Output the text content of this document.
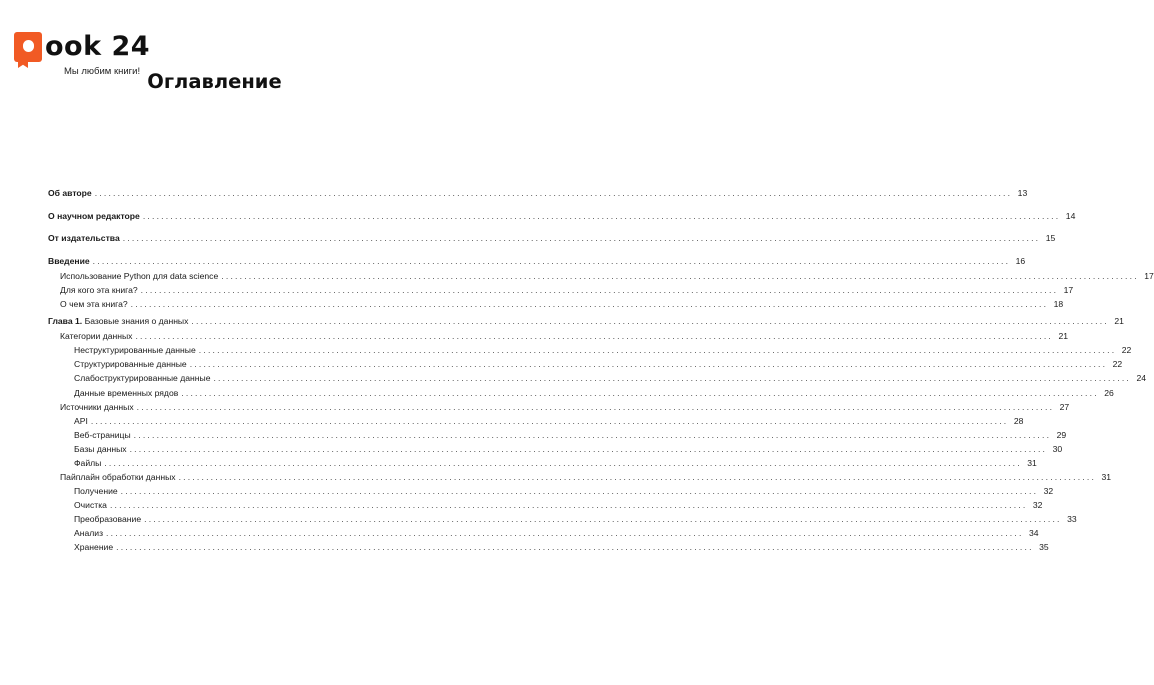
ook 24
Мы любим книги! Оглавление
Об авторе ........................................................................................................................................................................................................ 13
О научном редакторе ........................................................................................................................................................................................................ 14
От издательства ........................................................................................................................................................................................................ 15
Введение ........................................................................................................................................................................................................ 16
Использование Python для data science ........................................................................................................................................................................................................ 17
Для кого эта книга? ........................................................................................................................................................................................................ 17
О чем эта книга? ........................................................................................................................................................................................................ 18
Глава 1. Базовые знания о данных ........................................................................................................................................................................................................ 21
Категории данных ........................................................................................................................................................................................................ 21
Неструктурированные данные ........................................................................................................................................................................................................ 22
Структурированные данные ........................................................................................................................................................................................................ 22
Слабоструктурированные данные ........................................................................................................................................................................................................ 24
Данные временных рядов ........................................................................................................................................................................................................ 26
Источники данных ........................................................................................................................................................................................................ 27
API ........................................................................................................................................................................................................ 28
Веб-страницы ........................................................................................................................................................................................................ 29
Базы данных ........................................................................................................................................................................................................ 30
Файлы ........................................................................................................................................................................................................ 31
Пайплайн обработки данных ........................................................................................................................................................................................................ 31
Получение ........................................................................................................................................................................................................ 32
Очистка ........................................................................................................................................................................................................ 32
Преобразование ........................................................................................................................................................................................................ 33
Анализ ........................................................................................................................................................................................................ 34
Хранение ........................................................................................................................................................................................................ 35
